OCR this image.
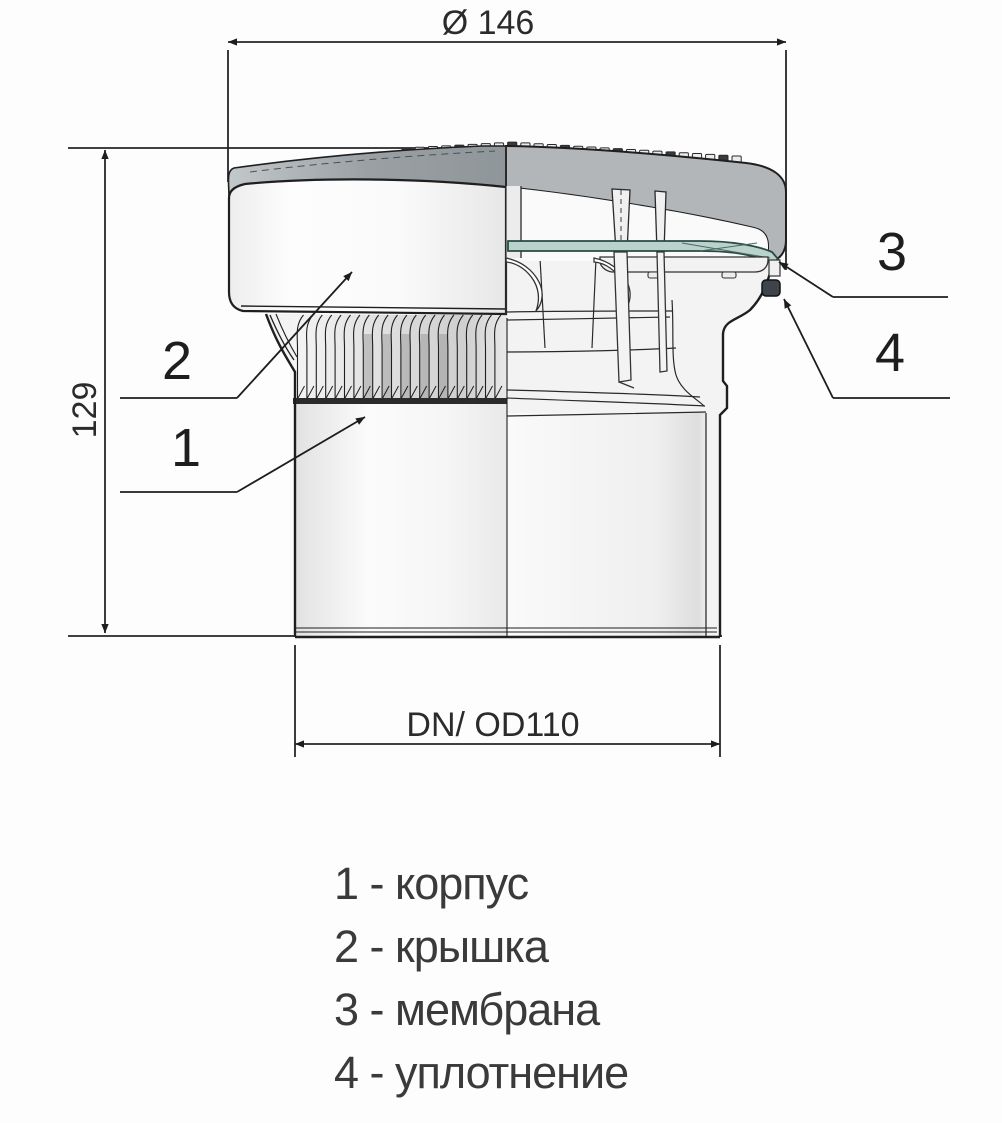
Ø 146
129
DN/ OD110
2
1
3
4
1 - корпус
2 - крышка
3 - мембрана
4 - уплотнение
